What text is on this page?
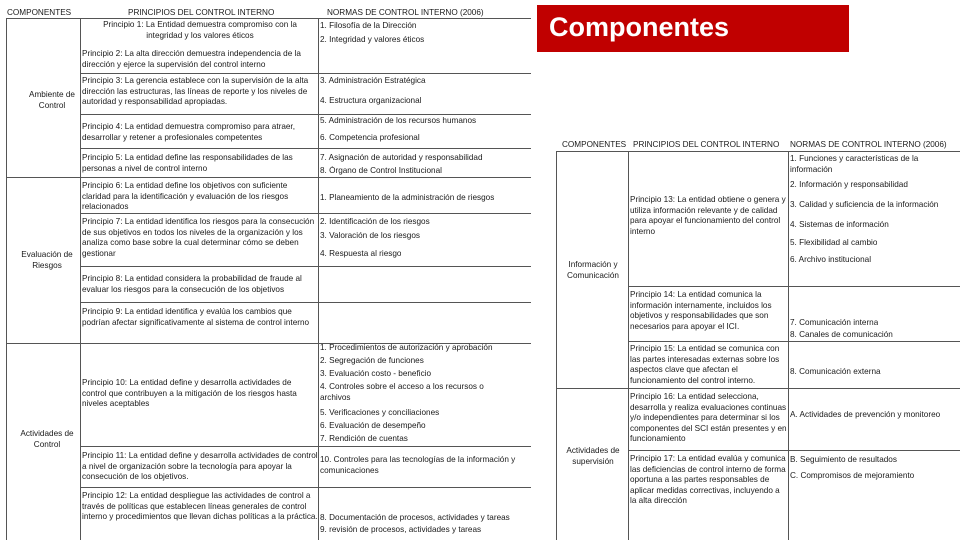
COMPONENTES	PRINCIPIOS DEL CONTROL INTERNO	NORMAS DE CONTROL INTERNO (2006)
Ambiente de Control
Evaluación de Riesgos
Actividades de Control
Principio 1: La Entidad demuestra compromiso con la integridad y los valores éticos
Principio 2: La alta dirección demuestra independencia de la dirección y ejerce la supervisión del control interno
Principio 3: La gerencia establece con la supervisión de la alta dirección las estructuras, las líneas de reporte y los niveles de autoridad y responsabilidad apropiadas.
Principio 4: La entidad demuestra compromiso para atraer, desarrollar y retener a profesionales competentes
Principio 5: La entidad define las responsabilidades de las personas a nivel de control interno
Principio 6: La entidad define los objetivos con suficiente claridad para la identificación y evaluación de los riesgos relacionados
Principio 7: La entidad identifica los riesgos para la consecución de sus objetivos en todos los niveles de la organización y los analiza como base sobre la cual determinar cómo se deben gestionar
Principio 8: La entidad considera la probabilidad de fraude al evaluar los riesgos para la consecución de los objetivos
Principio 9: La entidad identifica y evalúa los cambios que podrían afectar significativamente al sistema de control interno
Principio 10: La entidad define y desarrolla actividades de control que contribuyen a la mitigación de los riesgos hasta niveles aceptables
Principio 11: La entidad define y desarrolla actividades de control a nivel de organización sobre la tecnología para apoyar la consecución de los objetivos.
Principio 12: La entidad despliegue las actividades de control a través de políticas que establecen líneas generales de control interno y procedimientos que llevan dichas políticas a la práctica.
1. Filosofía de la Dirección
2. Integridad y valores éticos
3. Administración Estratégica
4. Estructura organizacional
5. Administración de los recursos humanos
6. Competencia profesional
7. Asignación de autoridad y responsabilidad
8. Órgano de Control Institucional
1. Planeamiento de la administración de riesgos
2. Identificación de los riesgos
3. Valoración de los riesgos
4. Respuesta al riesgo
1. Procedimientos de autorización y aprobación
2. Segregación de funciones
3. Evaluación costo - beneficio
4. Controles sobre el acceso a los recursos o archivos
5. Verificaciones y conciliaciones
6. Evaluación de desempeño
7. Rendición de cuentas
10. Controles para las tecnologías de la información y comunicaciones
8. Documentación de procesos, actividades y tareas
9. revisión de procesos, actividades y tareas
Componentes
COMPONENTES PRINCIPIOS DEL CONTROL INTERNO NORMAS DE CONTROL INTERNO (2006)
Información y Comunicación
Actividades de supervisión
Principio 13: La entidad obtiene o genera y utiliza información relevante y de calidad para apoyar el funcionamiento del control interno
Principio 14: La entidad comunica la información internamente, incluidos los objetivos y responsabilidades que son necesarios para apoyar el ICI.
Principio 15: La entidad se comunica con las partes interesadas externas sobre los aspectos clave que afectan el funcionamiento del control interno.
Principio 16: La entidad selecciona, desarrolla y realiza evaluaciones continuas y/o independientes para determinar si los componentes del SCI están presentes y en funcionamiento
Principio 17: La entidad evalúa y comunica las deficiencias de control interno de forma oportuna a las partes responsables de aplicar medidas correctivas, incluyendo a la alta dirección
1. Funciones y características de la información
2. Información y responsabilidad
3. Calidad y suficiencia de la información
4. Sistemas de información
5. Flexibilidad al cambio
6. Archivo institucional
7. Comunicación interna
8. Canales de comunicación
8. Comunicación externa
A. Actividades de prevención y monitoreo
B. Seguimiento de resultados
C. Compromisos de mejoramiento
